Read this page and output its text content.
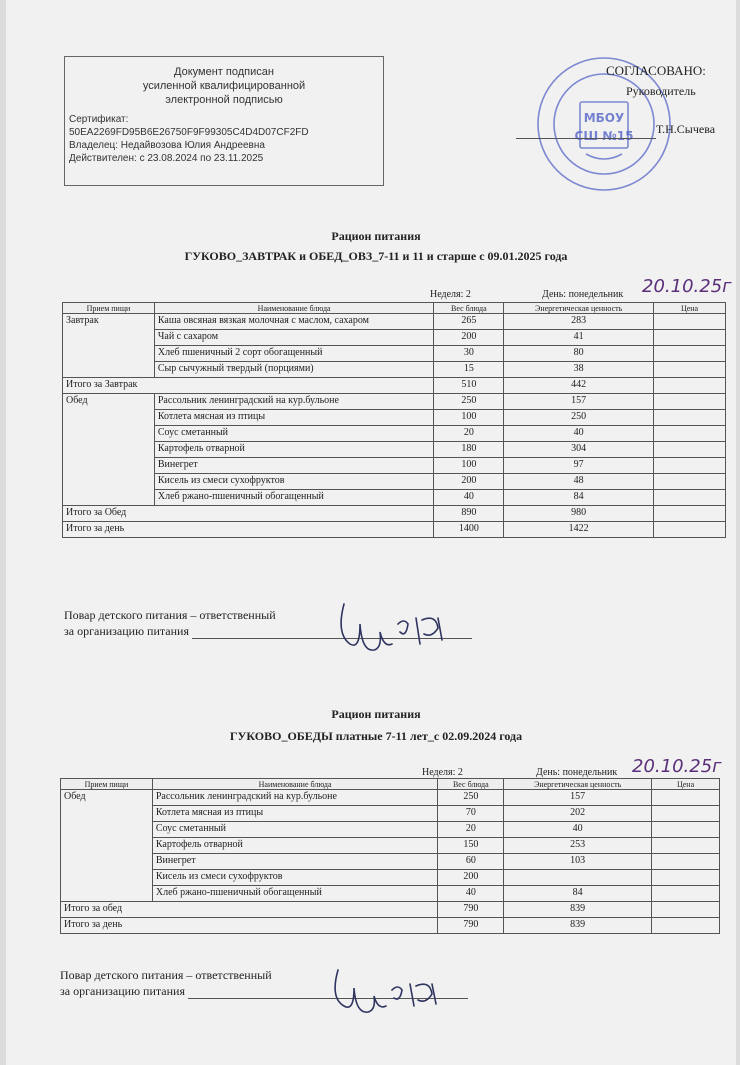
Документ подписан
усиленной квалифицированной
электронной подписью
Сертификат:
50EA2269FD95B6E26750F9F99305C4D4D07CF2FD
Владелец: Недайвозова Юлия Андреевна
Действителен: с 23.08.2024 по 23.11.2025
МБОУ
СШ №15
СОГЛАСОВАНО:
Руководитель
Т.Н.Сычева
Рацион питания
ГУКОВО_ЗАВТРАК и ОБЕД_ОВЗ_7-11 и 11 и старше с 09.01.2025 года
Неделя: 2	День: понедельник 20.10.25г
Прием пищи	Наименование блюда	Вес блюда	Энергетическая ценность	Цена
Завтрак	Каша овсяная вязкая молочная с маслом, сахаром	265	283	
	Чай с сахаром	200	41	
	Хлеб пшеничный 2 сорт обогащенный	30	80	
	Сыр сычужный твердый (порциями)	15	38	
Итого за Завтрак		510	442	
Обед	Рассольник ленинградский на кур.бульоне	250	157	
	Котлета мясная из птицы	100	250	
	Соус сметанный	20	40	
	Картофель отварной	180	304	
	Винегрет	100	97	
	Кисель из смеси сухофруктов	200	48	
	Хлеб ржано-пшеничный обогащенный	40	84	
Итого за Обед		890	980	
Итого за день		1400	1422	
Повар детского питания – ответственный
за организацию питания
Рацион питания
ГУКОВО_ОБЕДЫ платные 7-11 лет_с 02.09.2024 года
Неделя: 2	День: понедельник 20.10.25г
Прием пищи	Наименование блюда	Вес блюда	Энергетическая ценность	Цена
Обед	Рассольник ленинградский на кур.бульоне	250	157	
	Котлета мясная из птицы	70	202	
	Соус сметанный	20	40	
	Картофель отварной	150	253	
	Винегрет	60	103	
	Кисель из смеси сухофруктов	200		
	Хлеб ржано-пшеничный обогащенный	40	84	
Итого за обед		790	839	
Итого за день		790	839	
Повар детского питания – ответственный
за организацию питания
